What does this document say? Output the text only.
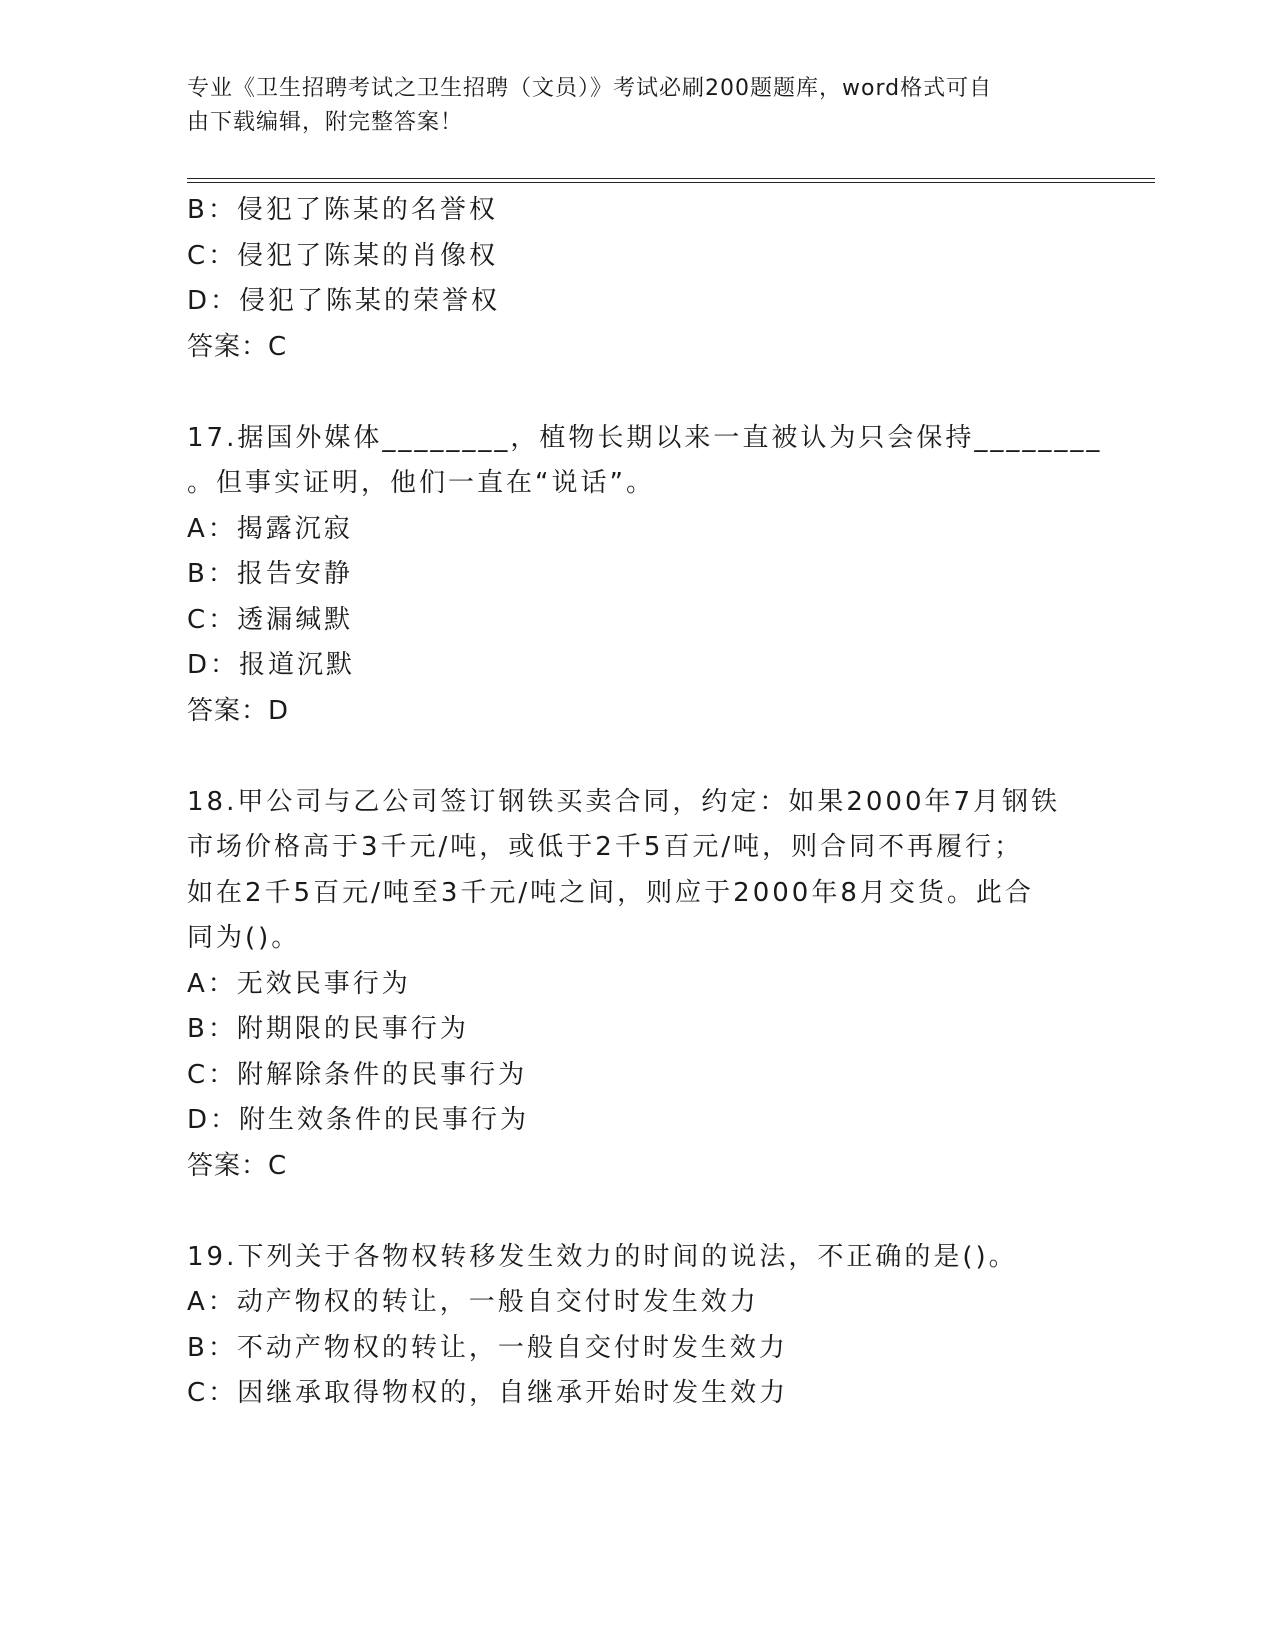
专业《卫生招聘考试之卫生招聘（文员）》考试必刷200题题库，word格式可自
由下载编辑，附完整答案！
B：侵犯了陈某的名誉权
C：侵犯了陈某的肖像权
D：侵犯了陈某的荣誉权
答案：C
17.据国外媒体________，植物长期以来一直被认为只会保持________
。但事实证明，他们一直在“说话”。
A：揭露沉寂
B：报告安静
C：透漏缄默
D：报道沉默
答案：D
18.甲公司与乙公司签订钢铁买卖合同，约定：如果2000年7月钢铁
市场价格高于3千元/吨，或低于2千5百元/吨，则合同不再履行；
如在2千5百元/吨至3千元/吨之间，则应于2000年8月交货。此合
同为()。
A：无效民事行为
B：附期限的民事行为
C：附解除条件的民事行为
D：附生效条件的民事行为
答案：C
19.下列关于各物权转移发生效力的时间的说法，不正确的是()。
A：动产物权的转让，一般自交付时发生效力
B：不动产物权的转让，一般自交付时发生效力
C：因继承取得物权的，自继承开始时发生效力
